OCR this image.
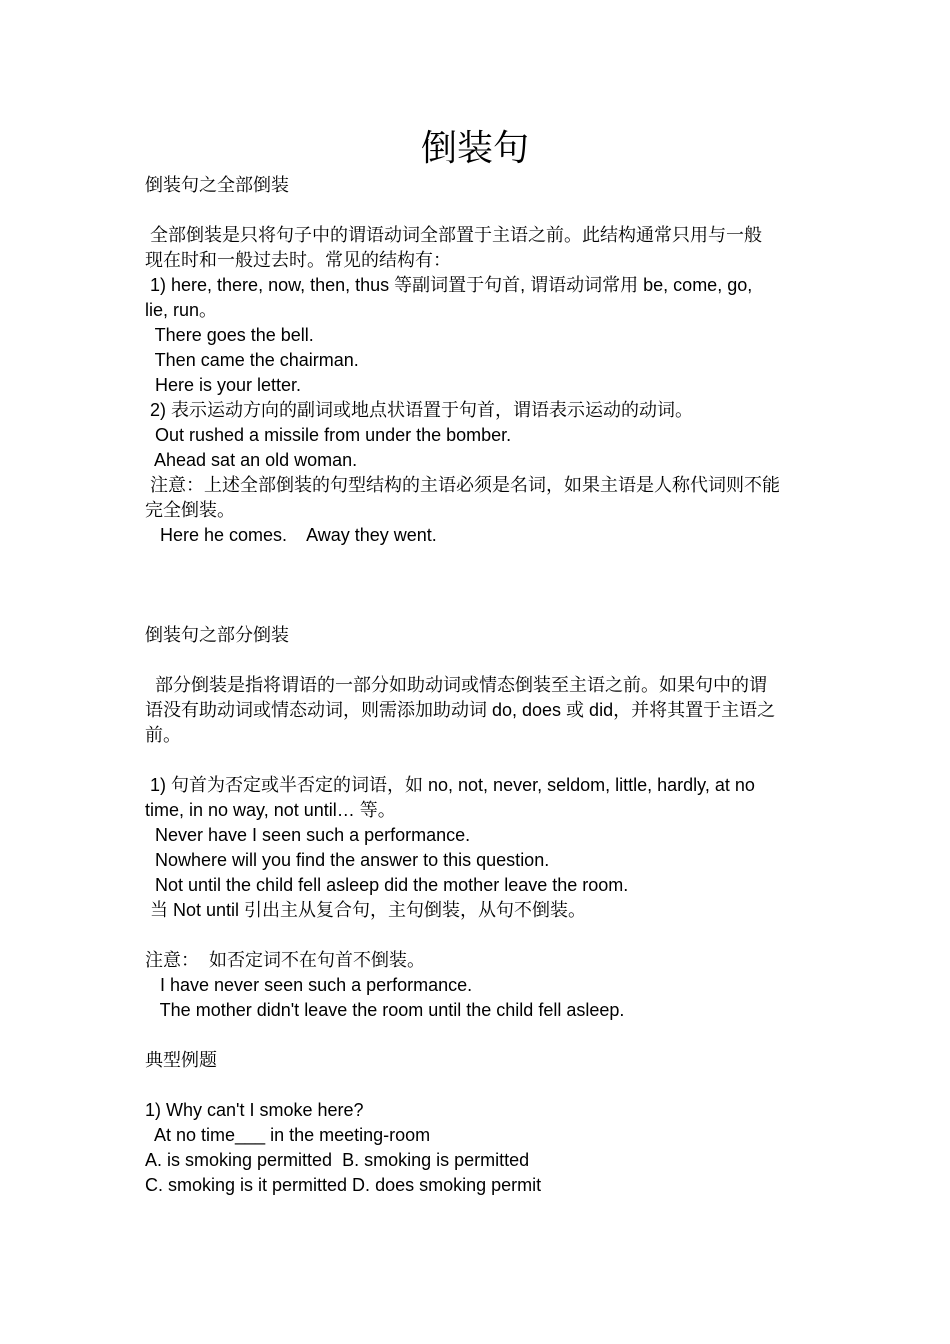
倒装句
倒装句之全部倒装
全部倒装是只将句子中的谓语动词全部置于主语之前。此结构通常只用与一般
现在时和一般过去时。常见的结构有：
1) here, there, now, then, thus 等副词置于句首, 谓语动词常用 be, come, go,
lie, run。
There goes the bell.
Then came the chairman.
Here is your letter.
2) 表示运动方向的副词或地点状语置于句首，谓语表示运动的动词。
Out rushed a missile from under the bomber.
Ahead sat an old woman.
注意：上述全部倒装的句型结构的主语必须是名词，如果主语是人称代词则不能
完全倒装。
Here he comes.    Away they went.
倒装句之部分倒装
部分倒装是指将谓语的一部分如助动词或情态倒装至主语之前。如果句中的谓
语没有助动词或情态动词，则需添加助动词 do, does 或 did，并将其置于主语之
前。
1) 句首为否定或半否定的词语，如 no, not, never, seldom, little, hardly, at no
time, in no way, not until… 等。
Never have I seen such a performance.
Nowhere will you find the answer to this question.
Not until the child fell asleep did the mother leave the room.
当 Not until 引出主从复合句，主句倒装，从句不倒装。
注意：  如否定词不在句首不倒装。
I have never seen such a performance.
The mother didn't leave the room until the child fell asleep.
典型例题
1) Why can't I smoke here?
At no time___ in the meeting-room
A. is smoking permitted  B. smoking is permitted
C. smoking is it permitted D. does smoking permit
